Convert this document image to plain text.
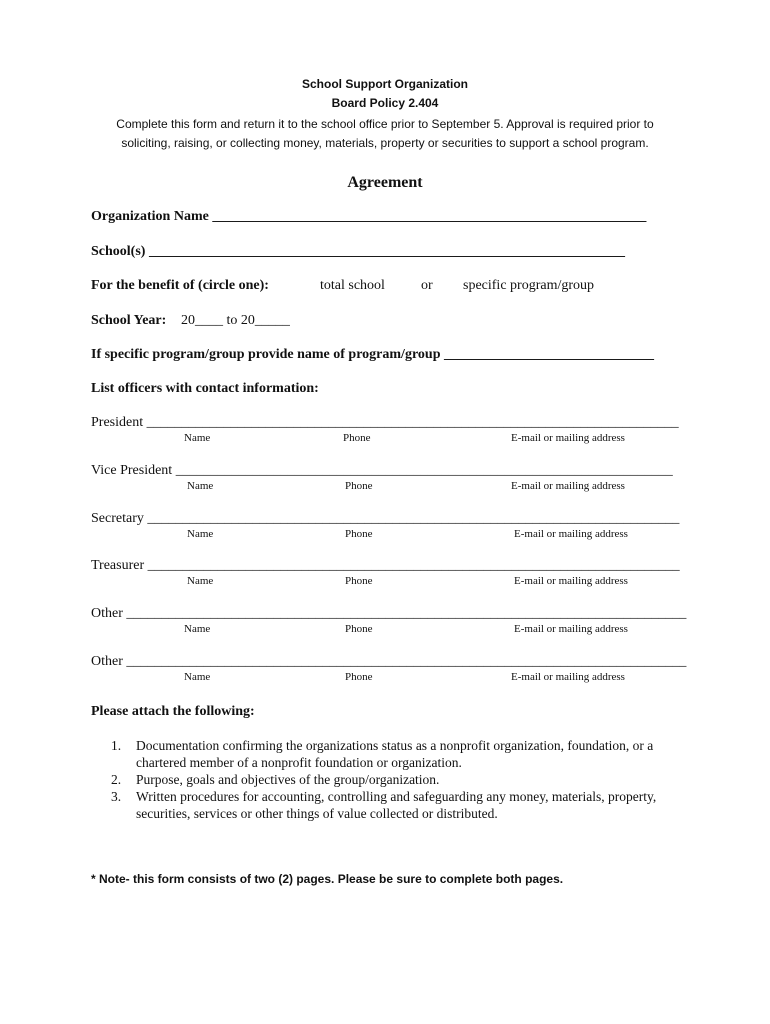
School Support Organization
Board Policy 2.404
Complete this form and return it to the school office prior to September 5. Approval is required prior to
soliciting, raising, or collecting money, materials, property or securities to support a school program.
Agreement
Organization Name ______________________________________________________________
School(s) ____________________________________________________________________
For the benefit of (circle one):	total school	or specific program/group
School Year: 20____ to 20_____
If specific program/group provide name of program/group ______________________________
List officers with contact information:
President ____________________________________________________________________________
Name	Phone	E-mail or mailing address
Vice President _______________________________________________________________________
Name	Phone	E-mail or mailing address
Secretary ____________________________________________________________________________
Name	Phone	E-mail or mailing address
Treasurer ____________________________________________________________________________
Name	Phone	E-mail or mailing address
Other ________________________________________________________________________________
Name	Phone	E-mail or mailing address
Other ________________________________________________________________________________
Name	Phone	E-mail or mailing address
Please attach the following:
1. Documentation confirming the organizations status as a nonprofit organization, foundation, or a
chartered member of a nonprofit foundation or organization.
2. Purpose, goals and objectives of the group/organization.
3. Written procedures for accounting, controlling and safeguarding any money, materials, property,
securities, services or other things of value collected or distributed.
* Note- this form consists of two (2) pages. Please be sure to complete both pages.
